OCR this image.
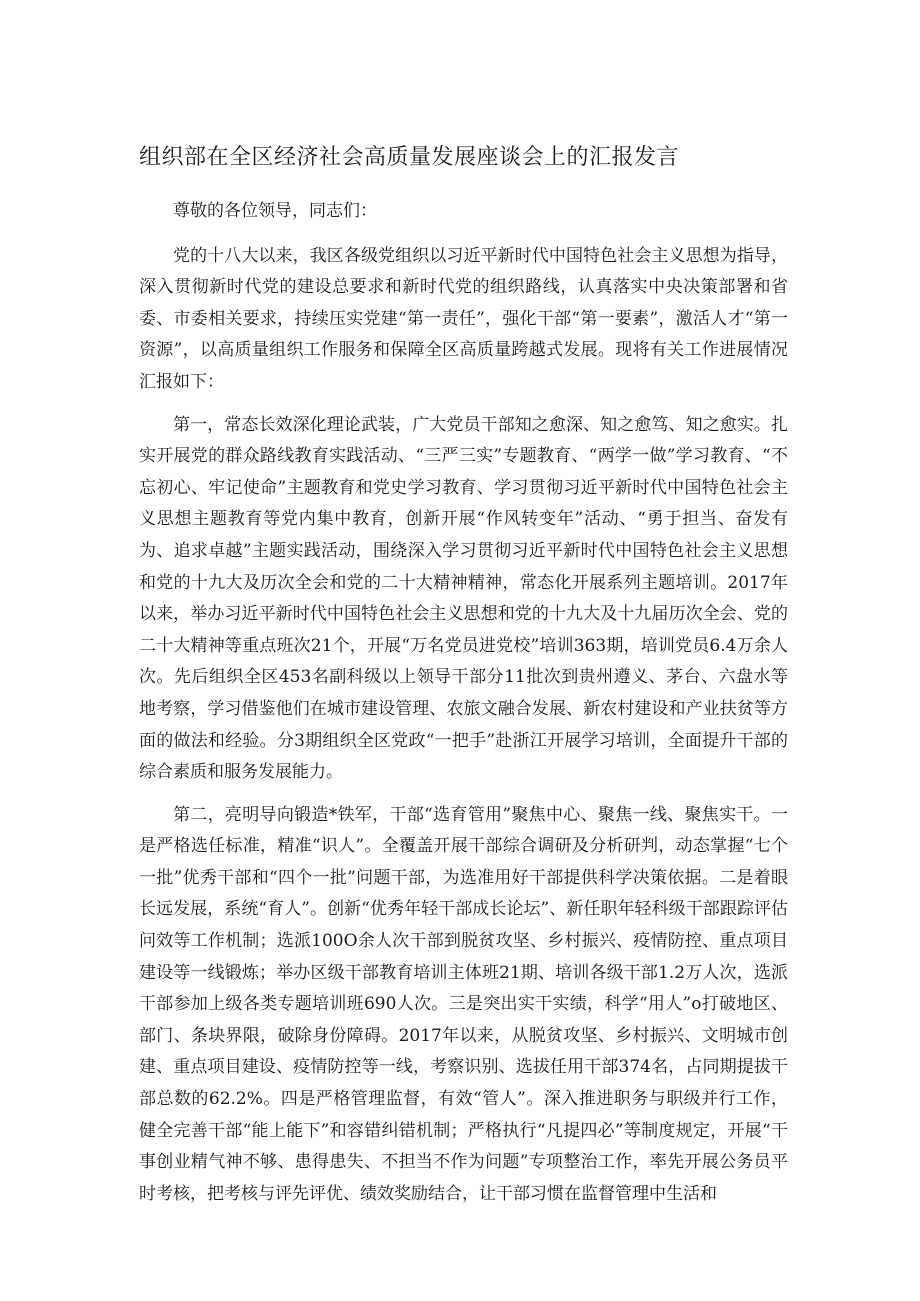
组织部在全区经济社会高质量发展座谈会上的汇报发言

尊敬的各位领导，同志们：

党的十八大以来，我区各级党组织以习近平新时代中国特色社会主义思想为指导，深入贯彻新时代党的建设总要求和新时代党的组织路线，认真落实中央决策部署和省委、市委相关要求，持续压实党建“第一责任”，强化干部“第一要素”，激活人才“第一资源”，以高质量组织工作服务和保障全区高质量跨越式发展。现将有关工作进展情况汇报如下：

第一，常态长效深化理论武装，广大党员干部知之愈深、知之愈笃、知之愈实。扎实开展党的群众路线教育实践活动、“三严三实”专题教育、“两学一做”学习教育、“不忘初心、牢记使命”主题教育和党史学习教育、学习贯彻习近平新时代中国特色社会主义思想主题教育等党内集中教育，创新开展“作风转变年”活动、“勇于担当、奋发有为、追求卓越”主题实践活动，围绕深入学习贯彻习近平新时代中国特色社会主义思想和党的十九大及历次全会和党的二十大精神精神，常态化开展系列主题培训。2017年以来，举办习近平新时代中国特色社会主义思想和党的十九大及十九届历次全会、党的二十大精神等重点班次21个，开展“万名党员进党校”培训363期，培训党员6.4万余人次。先后组织全区453名副科级以上领导干部分11批次到贵州遵义、茅台、六盘水等地考察，学习借鉴他们在城市建设管理、农旅文融合发展、新农村建设和产业扶贫等方面的做法和经验。分3期组织全区党政“一把手”赴浙江开展学习培训，全面提升干部的综合素质和服务发展能力。

第二，亮明导向锻造*铁军，干部“选育管用”聚焦中心、聚焦一线、聚焦实干。一是严格选任标准，精准“识人”。全覆盖开展干部综合调研及分析研判，动态掌握“七个一批”优秀干部和“四个一批”问题干部，为选准用好干部提供科学决策依据。二是着眼长远发展，系统“育人”。创新“优秀年轻干部成长论坛”、新任职年轻科级干部跟踪评估问效等工作机制；选派100O余人次干部到脱贫攻坚、乡村振兴、疫情防控、重点项目建设等一线锻炼；举办区级干部教育培训主体班21期、培训各级干部1.2万人次，选派干部参加上级各类专题培训班690人次。三是突出实干实绩，科学“用人”o打破地区、部门、条块界限，破除身份障碍。2017年以来，从脱贫攻坚、乡村振兴、文明城市创建、重点项目建设、疫情防控等一线，考察识别、选拔任用干部374名，占同期提拔干部总数的62.2%。四是严格管理监督，有效“管人”。深入推进职务与职级并行工作，健全完善干部“能上能下”和容错纠错机制；严格执行“凡提四必”等制度规定，开展“干事创业精气神不够、患得患失、不担当不作为问题”专项整治工作，率先开展公务员平时考核，把考核与评先评优、绩效奖励结合，让干部习惯在监督管理中生活和
